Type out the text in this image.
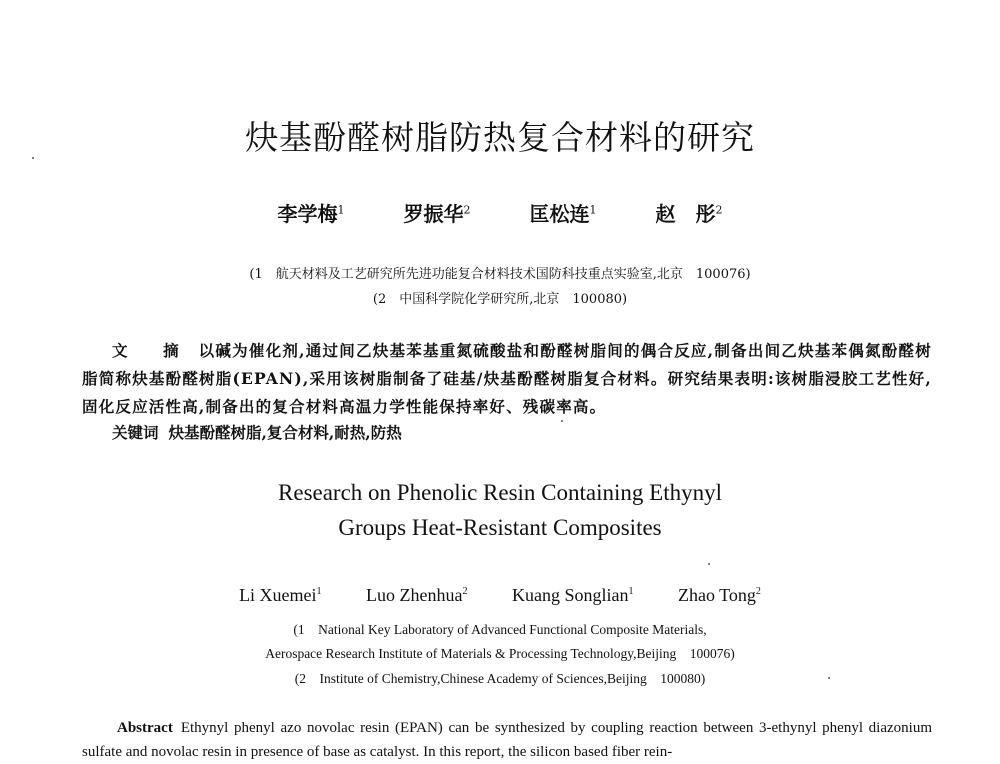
炔基酚醛树脂防热复合材料的研究
李学梅$^1$	罗振华$^2$	匡松连$^1$	赵　彤$^2$
(1　航天材料及工艺研究所先进功能复合材料技术国防科技重点实验室,北京　100076)
(2　中国科学院化学研究所,北京　100080)
文　摘 以碱为催化剂,通过间乙炔基苯基重氮硫酸盐和酚醛树脂间的偶合反应,制备出间乙炔基苯偶氮酚醛树脂简称炔基酚醛树脂(EPAN),采用该树脂制备了硅基/炔基酚醛树脂复合材料。研究结果表明:该树脂浸胶工艺性好,固化反应活性高,制备出的复合材料高温力学性能保持率好、残碳率高。
关键词 炔基酚醛树脂,复合材料,耐热,防热
Research on Phenolic Resin Containing Ethynyl
Groups Heat-Resistant Composites
Li Xuemei$^1$ Luo Zhenhua$^2$ Kuang Songlian$^1$ Zhao Tong$^2$
(1　National Key Laboratory of Advanced Functional Composite Materials,
Aerospace Research Institute of Materials & Processing Technology,Beijing　100076)
(2　Institute of Chemistry,Chinese Academy of Sciences,Beijing　100080)
Abstract Ethynyl phenyl azo novolac resin (EPAN) can be synthesized by coupling reaction between 3-ethynyl phenyl diazonium sulfate and novolac resin in presence of base as catalyst. In this report, the silicon based fiber rein-
